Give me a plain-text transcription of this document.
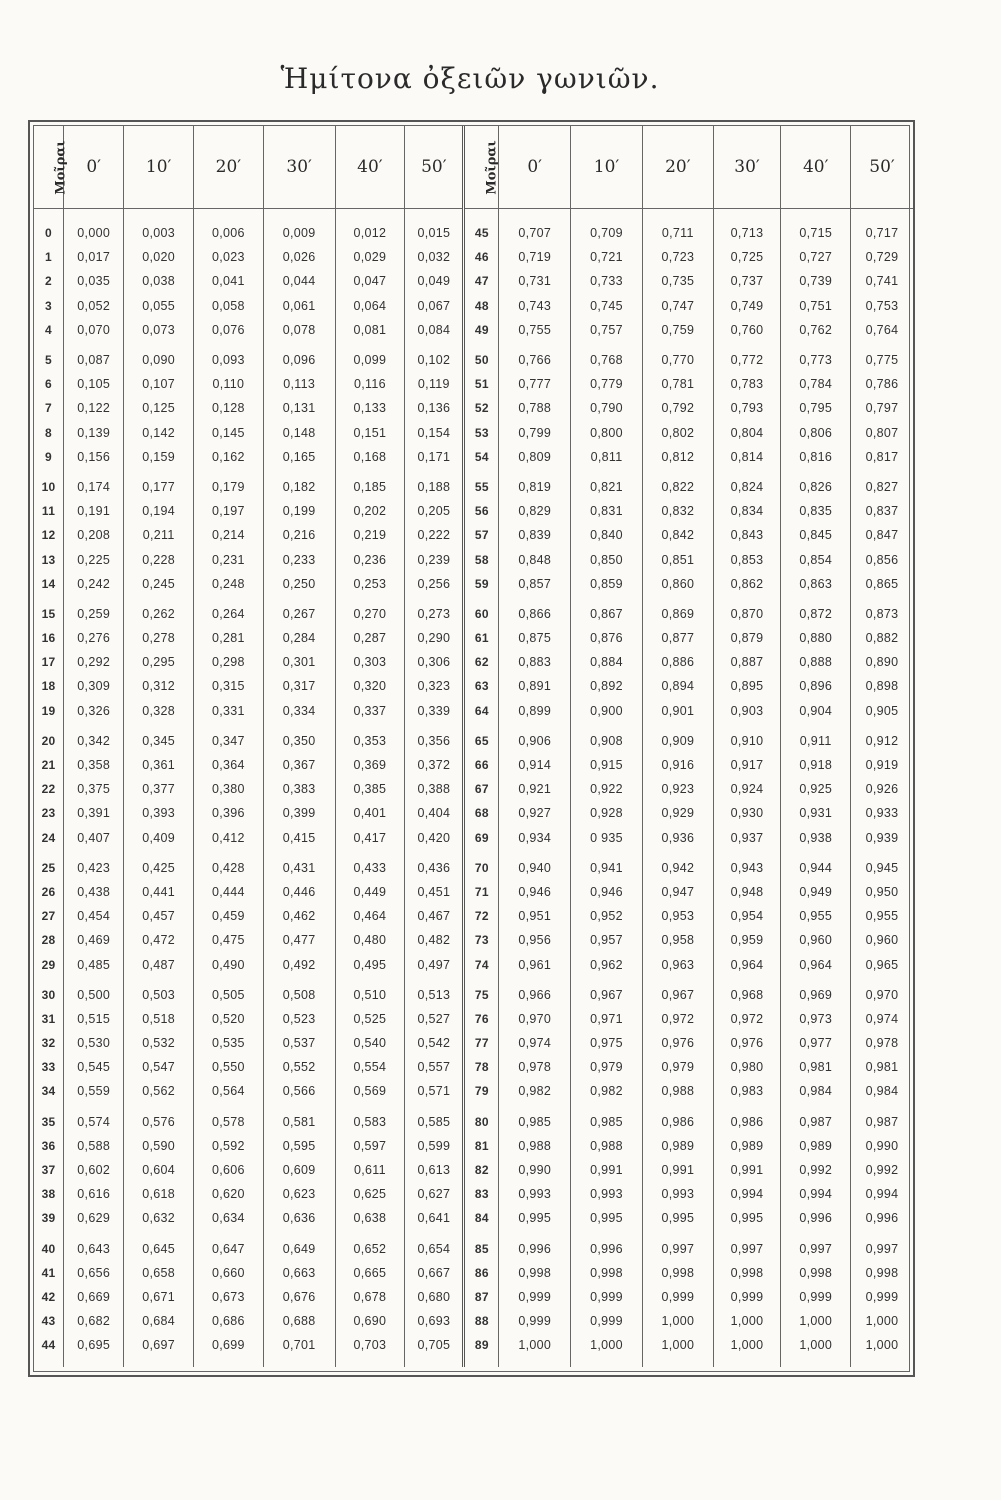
Ἡμίτονα ὀξειῶν γωνιῶν.
Μοῖραι	0′	10′	20′	30′	40′	50′	Μοῖραι	0′	10′	20′	30′	40′	50′
0	0,000	0,003	0,006	0,009	0,012	0,015	45	0,707	0,709	0,711	0,713	0,715	0,717
1	0,017	0,020	0,023	0,026	0,029	0,032	46	0,719	0,721	0,723	0,725	0,727	0,729
2	0,035	0,038	0,041	0,044	0,047	0,049	47	0,731	0,733	0,735	0,737	0,739	0,741
3	0,052	0,055	0,058	0,061	0,064	0,067	48	0,743	0,745	0,747	0,749	0,751	0,753
4	0,070	0,073	0,076	0,078	0,081	0,084	49	0,755	0,757	0,759	0,760	0,762	0,764
5	0,087	0,090	0,093	0,096	0,099	0,102	50	0,766	0,768	0,770	0,772	0,773	0,775
6	0,105	0,107	0,110	0,113	0,116	0,119	51	0,777	0,779	0,781	0,783	0,784	0,786
7	0,122	0,125	0,128	0,131	0,133	0,136	52	0,788	0,790	0,792	0,793	0,795	0,797
8	0,139	0,142	0,145	0,148	0,151	0,154	53	0,799	0,800	0,802	0,804	0,806	0,807
9	0,156	0,159	0,162	0,165	0,168	0,171	54	0,809	0,811	0,812	0,814	0,816	0,817
10	0,174	0,177	0,179	0,182	0,185	0,188	55	0,819	0,821	0,822	0,824	0,826	0,827
11	0,191	0,194	0,197	0,199	0,202	0,205	56	0,829	0,831	0,832	0,834	0,835	0,837
12	0,208	0,211	0,214	0,216	0,219	0,222	57	0,839	0,840	0,842	0,843	0,845	0,847
13	0,225	0,228	0,231	0,233	0,236	0,239	58	0,848	0,850	0,851	0,853	0,854	0,856
14	0,242	0,245	0,248	0,250	0,253	0,256	59	0,857	0,859	0,860	0,862	0,863	0,865
15	0,259	0,262	0,264	0,267	0,270	0,273	60	0,866	0,867	0,869	0,870	0,872	0,873
16	0,276	0,278	0,281	0,284	0,287	0,290	61	0,875	0,876	0,877	0,879	0,880	0,882
17	0,292	0,295	0,298	0,301	0,303	0,306	62	0,883	0,884	0,886	0,887	0,888	0,890
18	0,309	0,312	0,315	0,317	0,320	0,323	63	0,891	0,892	0,894	0,895	0,896	0,898
19	0,326	0,328	0,331	0,334	0,337	0,339	64	0,899	0,900	0,901	0,903	0,904	0,905
20	0,342	0,345	0,347	0,350	0,353	0,356	65	0,906	0,908	0,909	0,910	0,911	0,912
21	0,358	0,361	0,364	0,367	0,369	0,372	66	0,914	0,915	0,916	0,917	0,918	0,919
22	0,375	0,377	0,380	0,383	0,385	0,388	67	0,921	0,922	0,923	0,924	0,925	0,926
23	0,391	0,393	0,396	0,399	0,401	0,404	68	0,927	0,928	0,929	0,930	0,931	0,933
24	0,407	0,409	0,412	0,415	0,417	0,420	69	0,934	0 935	0,936	0,937	0,938	0,939
25	0,423	0,425	0,428	0,431	0,433	0,436	70	0,940	0,941	0,942	0,943	0,944	0,945
26	0,438	0,441	0,444	0,446	0,449	0,451	71	0,946	0,946	0,947	0,948	0,949	0,950
27	0,454	0,457	0,459	0,462	0,464	0,467	72	0,951	0,952	0,953	0,954	0,955	0,955
28	0,469	0,472	0,475	0,477	0,480	0,482	73	0,956	0,957	0,958	0,959	0,960	0,960
29	0,485	0,487	0,490	0,492	0,495	0,497	74	0,961	0,962	0,963	0,964	0,964	0,965
30	0,500	0,503	0,505	0,508	0,510	0,513	75	0,966	0,967	0,967	0,968	0,969	0,970
31	0,515	0,518	0,520	0,523	0,525	0,527	76	0,970	0,971	0,972	0,972	0,973	0,974
32	0,530	0,532	0,535	0,537	0,540	0,542	77	0,974	0,975	0,976	0,976	0,977	0,978
33	0,545	0,547	0,550	0,552	0,554	0,557	78	0,978	0,979	0,979	0,980	0,981	0,981
34	0,559	0,562	0,564	0,566	0,569	0,571	79	0,982	0,982	0,988	0,983	0,984	0,984
35	0,574	0,576	0,578	0,581	0,583	0,585	80	0,985	0,985	0,986	0,986	0,987	0,987
36	0,588	0,590	0,592	0,595	0,597	0,599	81	0,988	0,988	0,989	0,989	0,989	0,990
37	0,602	0,604	0,606	0,609	0,611	0,613	82	0,990	0,991	0,991	0,991	0,992	0,992
38	0,616	0,618	0,620	0,623	0,625	0,627	83	0,993	0,993	0,993	0,994	0,994	0,994
39	0,629	0,632	0,634	0,636	0,638	0,641	84	0,995	0,995	0,995	0,995	0,996	0,996
40	0,643	0,645	0,647	0,649	0,652	0,654	85	0,996	0,996	0,997	0,997	0,997	0,997
41	0,656	0,658	0,660	0,663	0,665	0,667	86	0,998	0,998	0,998	0,998	0,998	0,998
42	0,669	0,671	0,673	0,676	0,678	0,680	87	0,999	0,999	0,999	0,999	0,999	0,999
43	0,682	0,684	0,686	0,688	0,690	0,693	88	0,999	0,999	1,000	1,000	1,000	1,000
44	0,695	0,697	0,699	0,701	0,703	0,705	89	1,000	1,000	1,000	1,000	1,000	1,000
